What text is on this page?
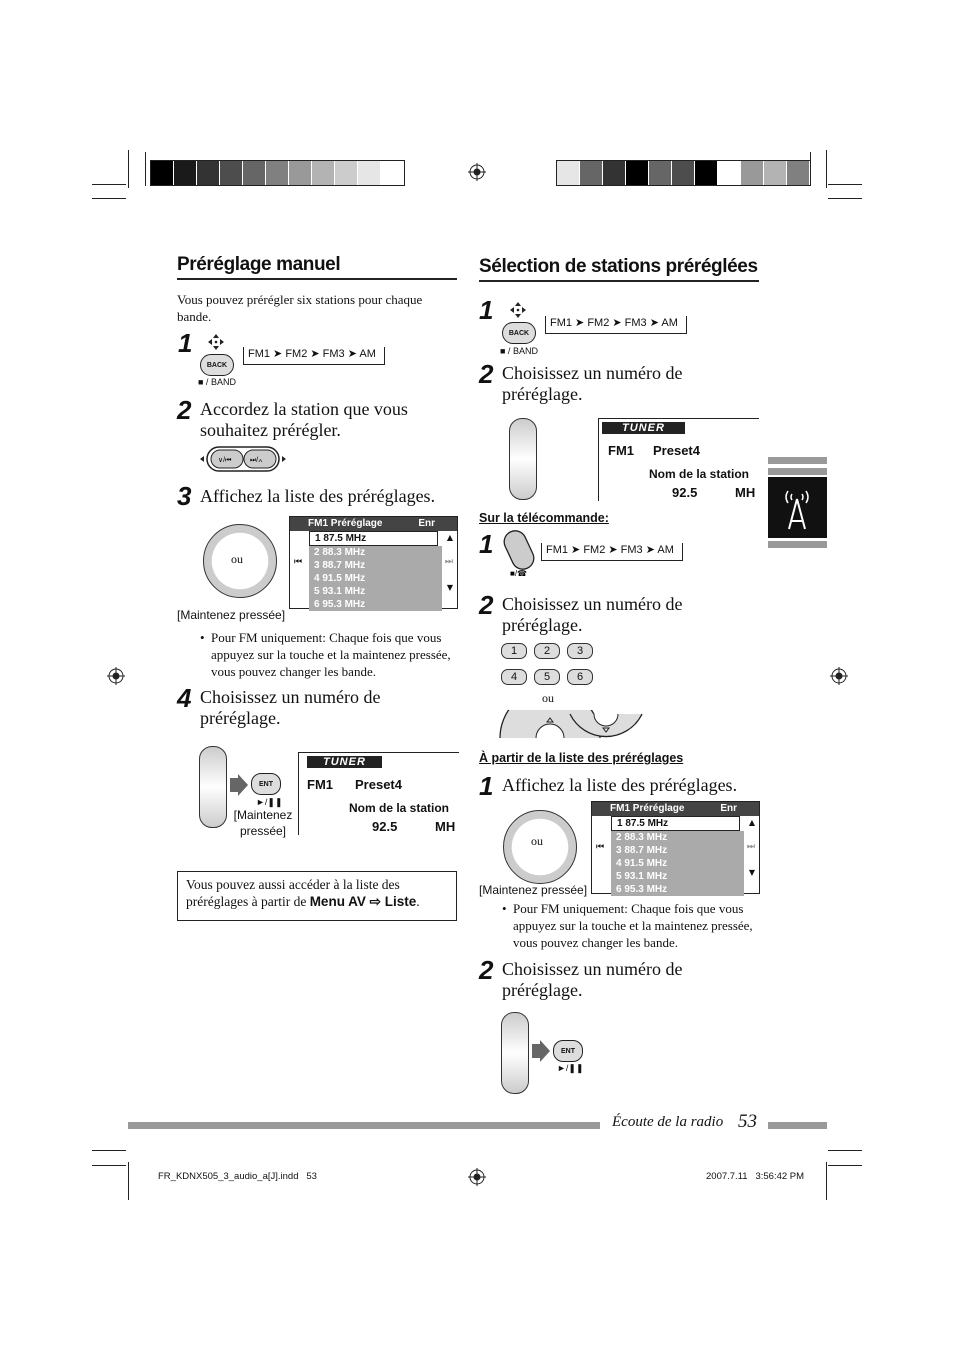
Préréglage manuel
Vous pouvez prérégler six stations pour chaque bande.
1
BACK
■ / BAND
FM1 ➤ FM2 ➤ FM3 ➤ AM
2 Accordez la station que vous souhaitez prérégler.
∨/⏮	⏭/∧
3 Affichez la liste des préréglages.
ou
[Maintenez pressée]
FM1 Préréglage	Enr
1 87.5 MHz
2 88.3 MHz
3 88.7 MHz
4 91.5 MHz
5 93.1 MHz
6 95.3 MHz
⏮	⏭
▲
▼
• Pour FM uniquement: Chaque fois que vous appuyez sur la touche et la maintenez pressée, vous pouvez changer les bande.
4 Choisissez un numéro de préréglage.
ENT
►/❚❚
[Maintenez pressée]
TUNER
FM1 Preset4
Nom de la station
92.5	MH
Vous pouvez aussi accéder à la liste des préréglages à partir de Menu AV ⇨ Liste.
Sélection de stations préréglées
1
BACK
■ / BAND
FM1 ➤ FM2 ➤ FM3 ➤ AM
2 Choisissez un numéro de préréglage.
TUNER
FM1 Preset4
Nom de la station
92.5	MH
Sur la télécommande:
1
■/☎
FM1 ➤ FM2 ➤ FM3 ➤ AM
2 Choisissez un numéro de préréglage.
1	2	3
4	5	6
ou
À partir de la liste des préréglages
1 Affichez la liste des préréglages.
ou
[Maintenez pressée]
FM1 Préréglage	Enr
1 87.5 MHz
2 88.3 MHz
3 88.7 MHz
4 91.5 MHz
5 93.1 MHz
6 95.3 MHz
⏮	⏭
▲
▼
• Pour FM uniquement: Chaque fois que vous appuyez sur la touche et la maintenez pressée, vous pouvez changer les bande.
2 Choisissez un numéro de préréglage.
ENT
►/❚❚
Écoute de la radio 53
FR_KDNX505_3_audio_a[J].indd   53	2007.7.11   3:56:42 PM
